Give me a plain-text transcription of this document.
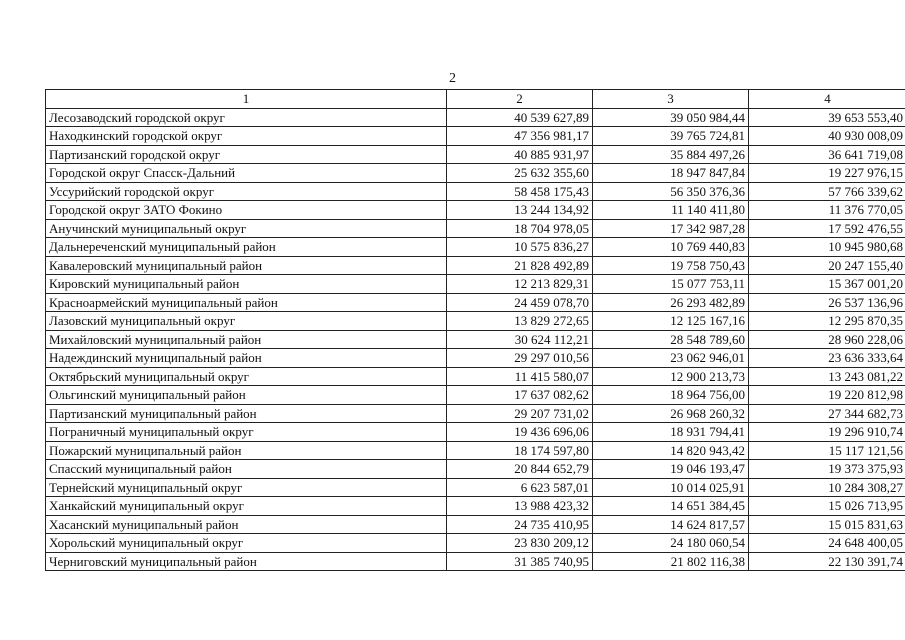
2
1	2	3	4
Лесозаводский городской округ	40 539 627,89	39 050 984,44	39 653 553,40
Находкинский городской округ	47 356 981,17	39 765 724,81	40 930 008,09
Партизанский городской округ	40 885 931,97	35 884 497,26	36 641 719,08
Городской округ Спасск-Дальний	25 632 355,60	18 947 847,84	19 227 976,15
Уссурийский городской округ	58 458 175,43	56 350 376,36	57 766 339,62
Городской округ ЗАТО Фокино	13 244 134,92	11 140 411,80	11 376 770,05
Анучинский муниципальный округ	18 704 978,05	17 342 987,28	17 592 476,55
Дальнереченский муниципальный район	10 575 836,27	10 769 440,83	10 945 980,68
Кавалеровский муниципальный район	21 828 492,89	19 758 750,43	20 247 155,40
Кировский муниципальный район	12 213 829,31	15 077 753,11	15 367 001,20
Красноармейский муниципальный район	24 459 078,70	26 293 482,89	26 537 136,96
Лазовский муниципальный округ	13 829 272,65	12 125 167,16	12 295 870,35
Михайловский муниципальный район	30 624 112,21	28 548 789,60	28 960 228,06
Надеждинский муниципальный район	29 297 010,56	23 062 946,01	23 636 333,64
Октябрьский муниципальный округ	11 415 580,07	12 900 213,73	13 243 081,22
Ольгинский муниципальный район	17 637 082,62	18 964 756,00	19 220 812,98
Партизанский муниципальный район	29 207 731,02	26 968 260,32	27 344 682,73
Пограничный муниципальный округ	19 436 696,06	18 931 794,41	19 296 910,74
Пожарский муниципальный район	18 174 597,80	14 820 943,42	15 117 121,56
Спасский муниципальный район	20 844 652,79	19 046 193,47	19 373 375,93
Тернейский муниципальный округ	6 623 587,01	10 014 025,91	10 284 308,27
Ханкайский муниципальный округ	13 988 423,32	14 651 384,45	15 026 713,95
Хасанский муниципальный район	24 735 410,95	14 624 817,57	15 015 831,63
Хорольский муниципальный округ	23 830 209,12	24 180 060,54	24 648 400,05
Черниговский муниципальный район	31 385 740,95	21 802 116,38	22 130 391,74
